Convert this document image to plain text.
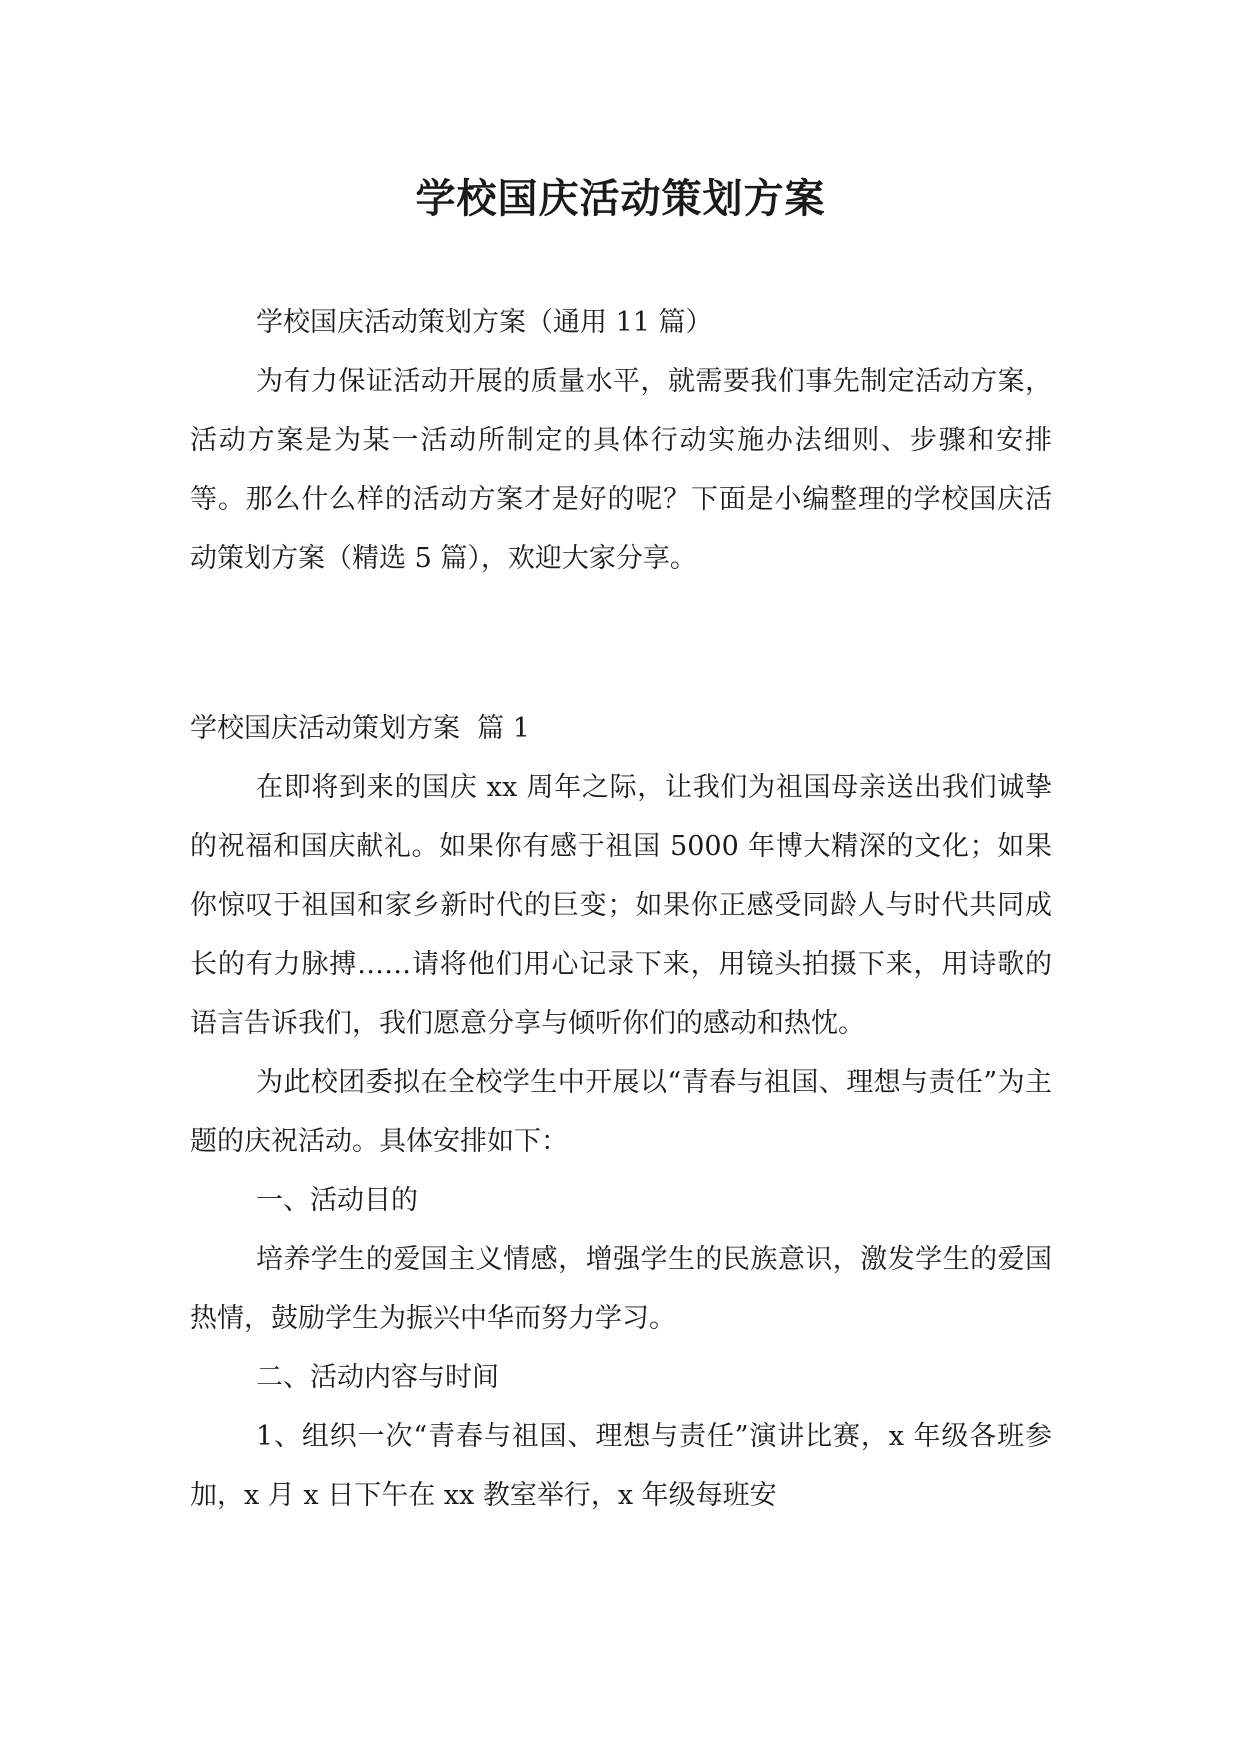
学校国庆活动策划方案

学校国庆活动策划方案（通用 11 篇）

为有力保证活动开展的质量水平，就需要我们事先制定活动方案，活动方案是为某一活动所制定的具体行动实施办法细则、步骤和安排等。那么什么样的活动方案才是好的呢？下面是小编整理的学校国庆活动策划方案（精选 5 篇），欢迎大家分享。

学校国庆活动策划方案  篇 1

在即将到来的国庆 xx 周年之际，让我们为祖国母亲送出我们诚挚的祝福和国庆献礼。如果你有感于祖国 5000 年博大精深的文化；如果你惊叹于祖国和家乡新时代的巨变；如果你正感受同龄人与时代共同成长的有力脉搏……请将他们用心记录下来，用镜头拍摄下来，用诗歌的语言告诉我们，我们愿意分享与倾听你们的感动和热忱。

为此校团委拟在全校学生中开展以“青春与祖国、理想与责任”为主题的庆祝活动。具体安排如下：

一、活动目的

培养学生的爱国主义情感，增强学生的民族意识，激发学生的爱国热情，鼓励学生为振兴中华而努力学习。

二、活动内容与时间

1、组织一次“青春与祖国、理想与责任”演讲比赛，x 年级各班参加，x 月 x 日下午在 xx 教室举行，x 年级每班安
